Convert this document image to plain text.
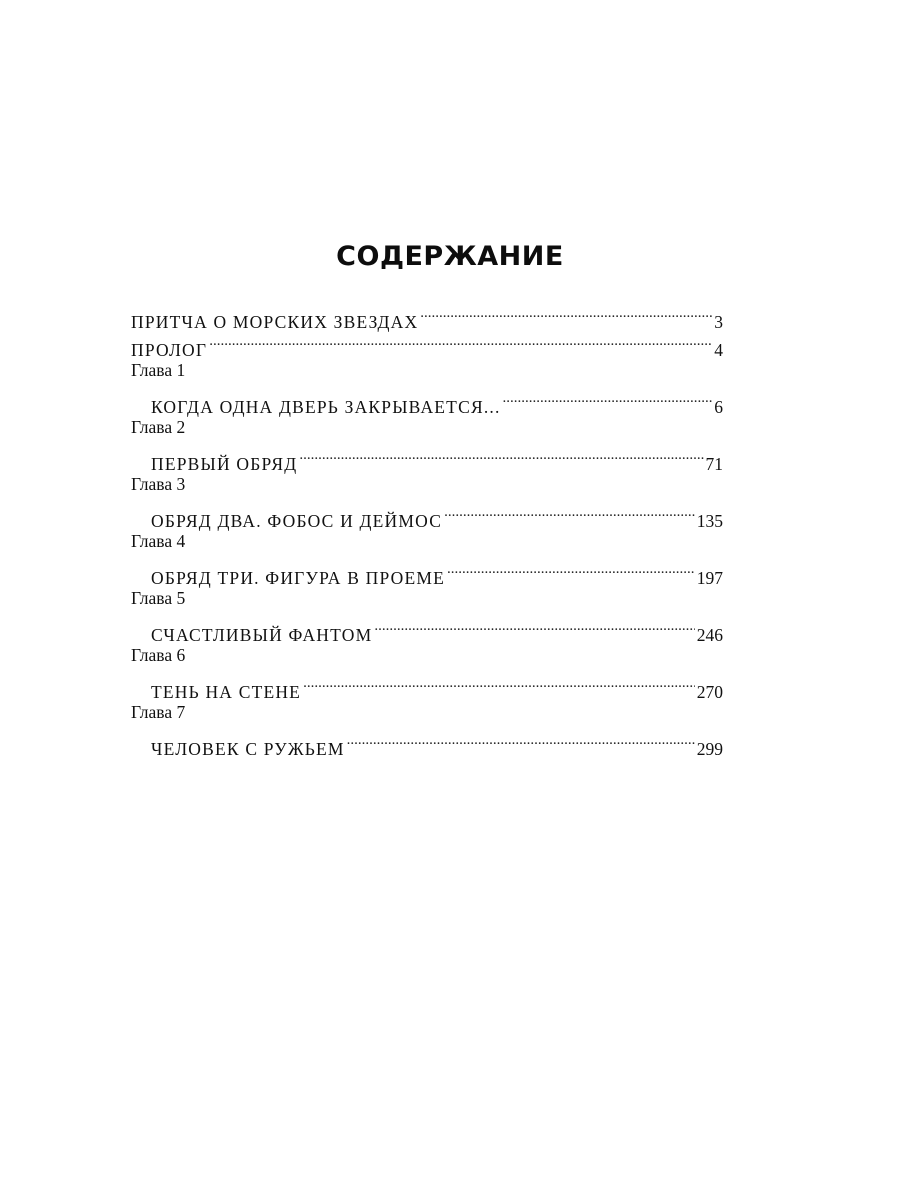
СОДЕРЖАНИЕ
ПРИТЧА О МОРСКИХ ЗВЕЗДАХ .....	3
ПРОЛОГ .....	4
Глава 1
КОГДА ОДНА ДВЕРЬ ЗАКРЫВАЕТСЯ... .....	6
Глава 2
ПЕРВЫЙ ОБРЯД .....	71
Глава 3
ОБРЯД ДВА. ФОБОС И ДЕЙМОС .....	135
Глава 4
ОБРЯД ТРИ. ФИГУРА В ПРОЕМЕ .....	197
Глава 5
СЧАСТЛИВЫЙ ФАНТОМ .....	246
Глава 6
ТЕНЬ НА СТЕНЕ .....	270
Глава 7
ЧЕЛОВЕК С РУЖЬЕМ .....	299
